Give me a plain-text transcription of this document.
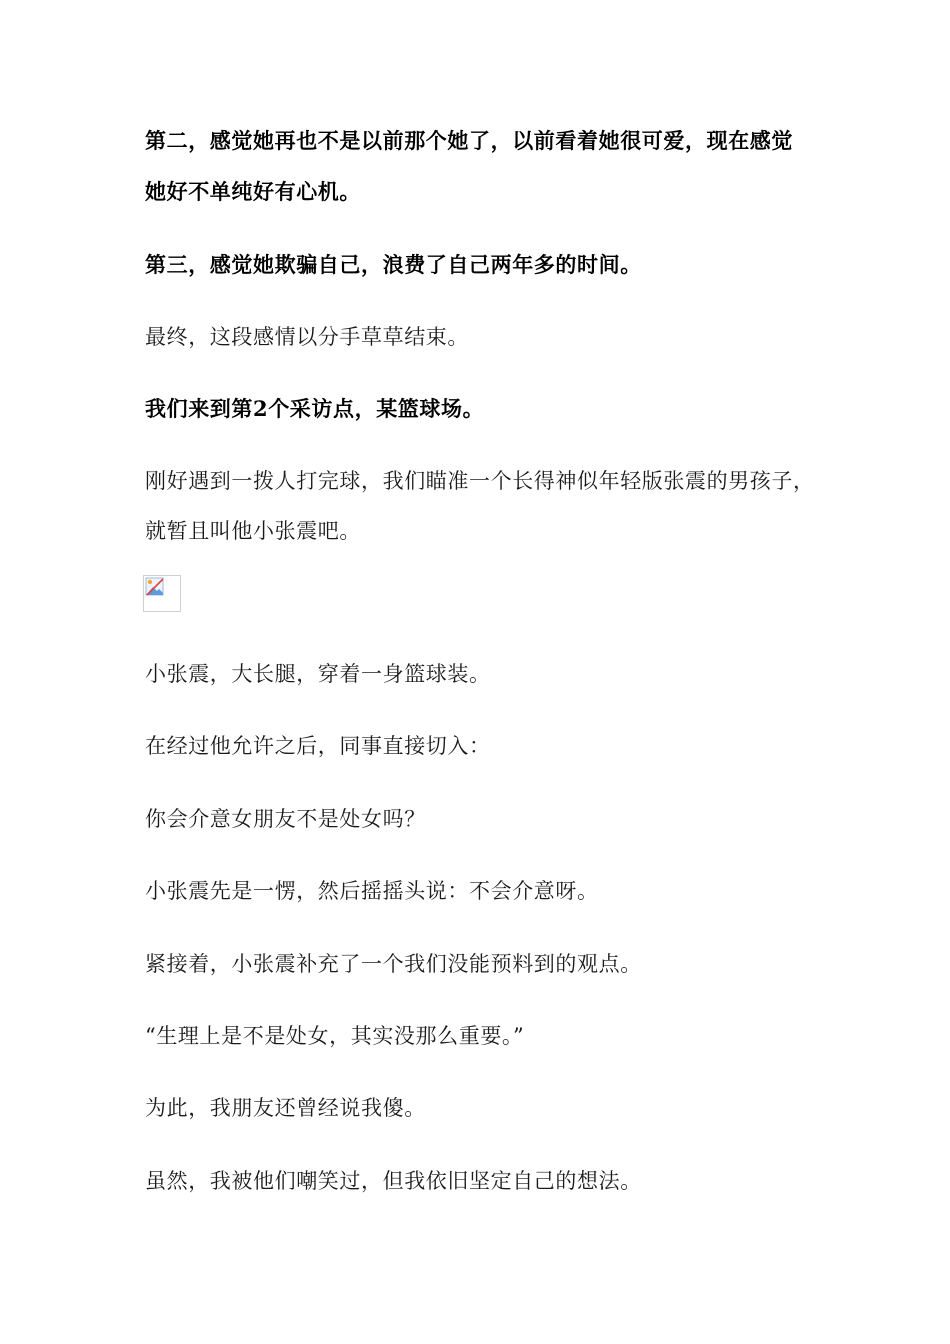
第二，感觉她再也不是以前那个她了，以前看着她很可爱，现在感觉
她好不单纯好有心机。
第三，感觉她欺骗自己，浪费了自己两年多的时间。
最终，这段感情以分手草草结束。
我们来到第2个采访点，某篮球场。
刚好遇到一拨人打完球，我们瞄准一个长得神似年轻版张震的男孩子，
就暂且叫他小张震吧。
小张震，大长腿，穿着一身篮球装。
在经过他允许之后，同事直接切入：
你会介意女朋友不是处女吗？
小张震先是一愣，然后摇摇头说：不会介意呀。
紧接着，小张震补充了一个我们没能预料到的观点。
“生理上是不是处女，其实没那么重要。”
为此，我朋友还曾经说我傻。
虽然，我被他们嘲笑过，但我依旧坚定自己的想法。
